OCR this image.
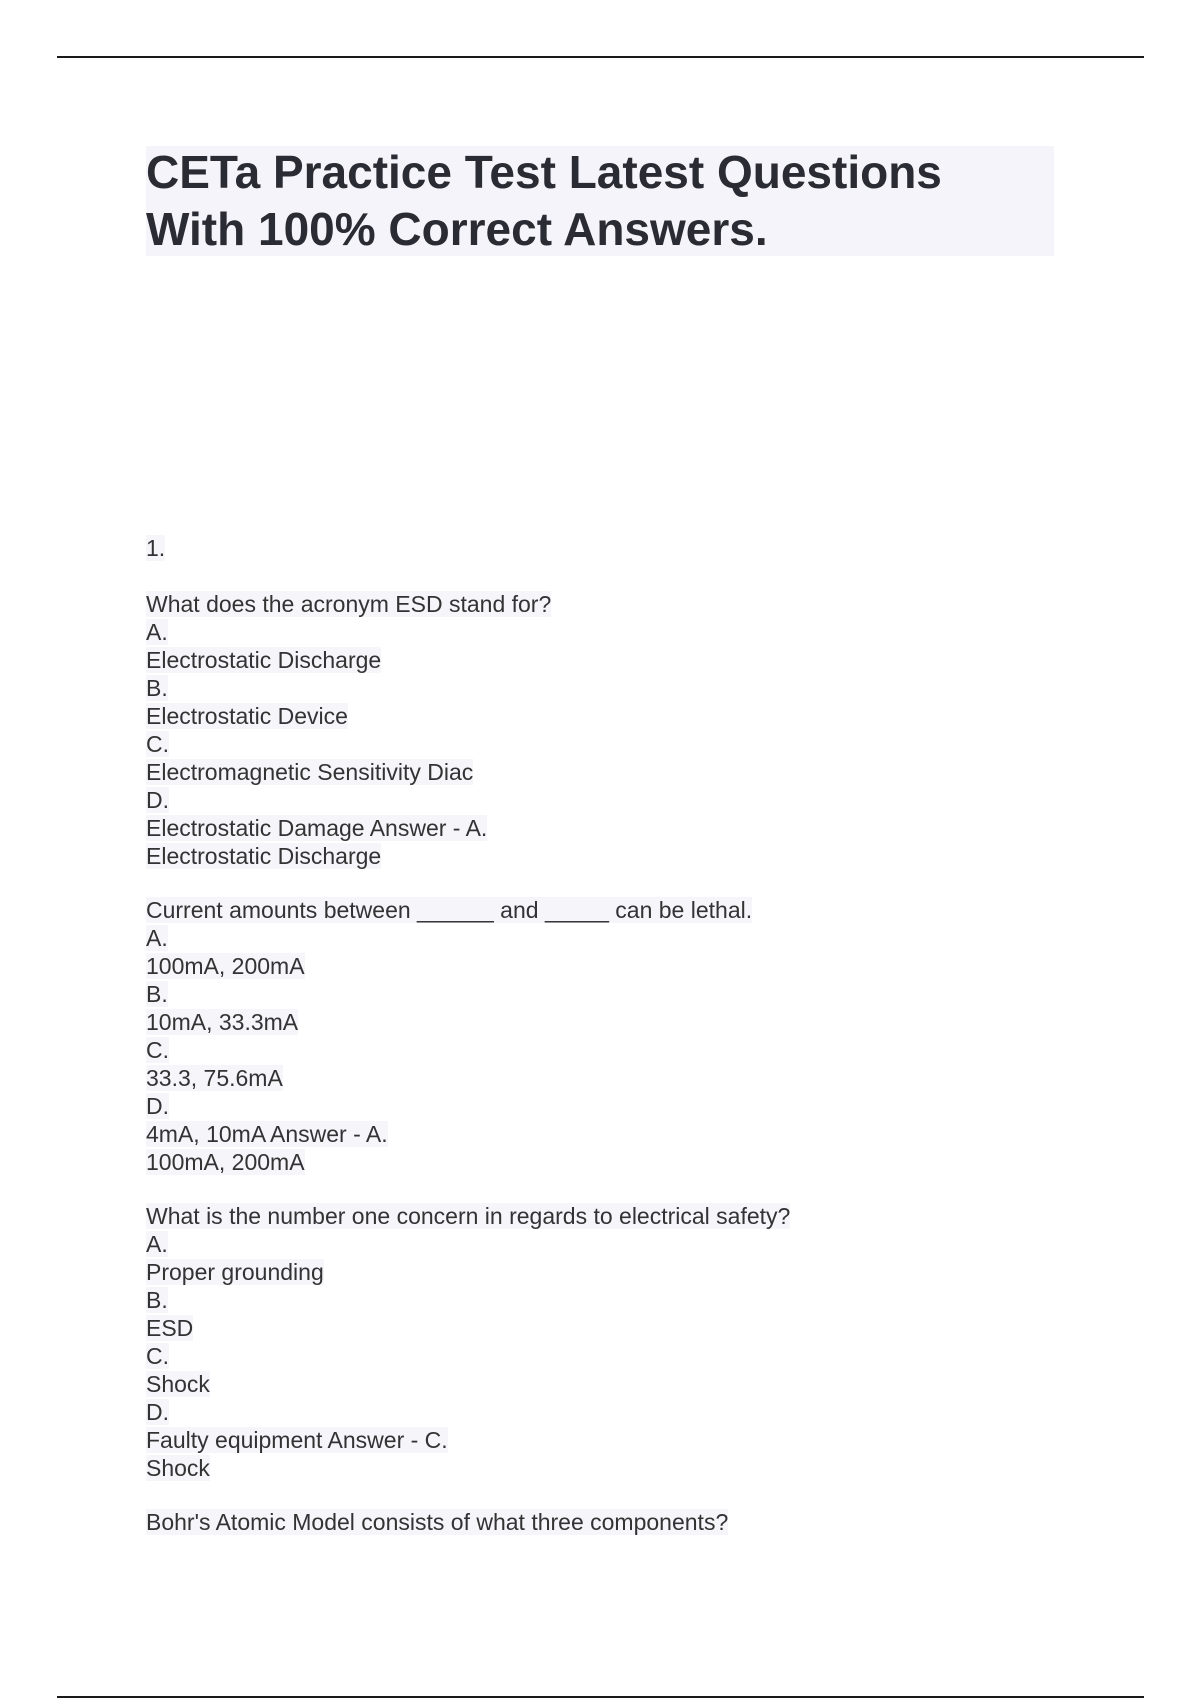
CETa Practice Test Latest Questions
With 100% Correct Answers.
1.
What does the acronym ESD stand for?
A.
Electrostatic Discharge
B.
Electrostatic Device
C.
Electromagnetic Sensitivity Diac
D.
Electrostatic Damage Answer - A.
Electrostatic Discharge
Current amounts between ______ and _____ can be lethal.
A.
100mA, 200mA
B.
10mA, 33.3mA
C.
33.3, 75.6mA
D.
4mA, 10mA Answer - A.
100mA, 200mA
What is the number one concern in regards to electrical safety?
A.
Proper grounding
B.
ESD
C.
Shock
D.
Faulty equipment Answer - C.
Shock
Bohr's Atomic Model consists of what three components?
